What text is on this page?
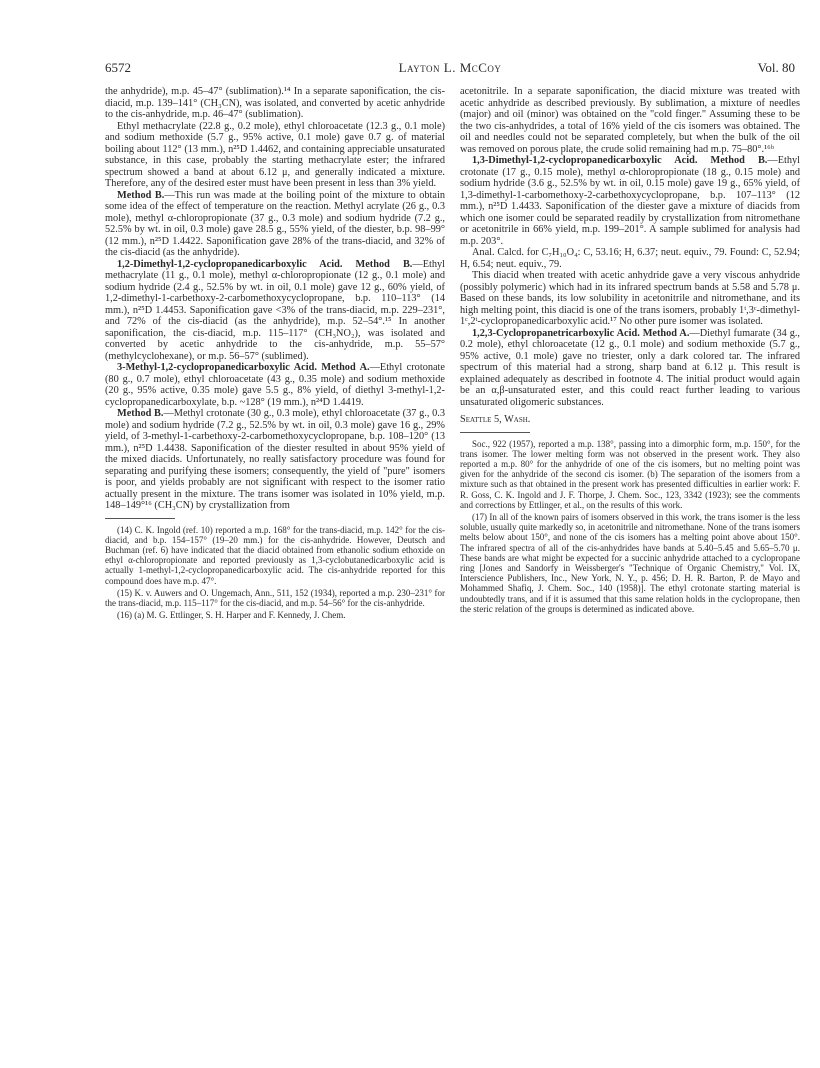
6572	Layton L. McCoy	Vol. 80

the anhydride), m.p. 45–47° (sublimation).¹⁴ In a separate saponification, the cis-diacid, m.p. 139–141° (CH₃CN), was isolated, and converted by acetic anhydride to the cis-anhydride, m.p. 46–47° (sublimation).

Ethyl methacrylate (22.8 g., 0.2 mole), ethyl chloroacetate (12.3 g., 0.1 mole) and sodium methoxide (5.7 g., 95% active, 0.1 mole) gave 0.7 g. of material boiling about 112° (13 mm.), n²⁵D 1.4462, and containing appreciable unsaturated substance, in this case, probably the starting methacrylate ester; the infrared spectrum showed a band at about 6.12 μ, and generally indicated a mixture. Therefore, any of the desired ester must have been present in less than 3% yield.

Method B.—This run was made at the boiling point of the mixture to obtain some idea of the effect of temperature on the reaction. Methyl acrylate (26 g., 0.3 mole), methyl α-chloropropionate (37 g., 0.3 mole) and sodium hydride (7.2 g., 52.5% by wt. in oil, 0.3 mole) gave 28.5 g., 55% yield, of the diester, b.p. 98–99° (12 mm.), n²⁵D 1.4422. Saponification gave 28% of the trans-diacid, and 32% of the cis-diacid (as the anhydride).

1,2-Dimethyl-1,2-cyclopropanedicarboxylic Acid. Method B.—Ethyl methacrylate (11 g., 0.1 mole), methyl α-chloropropionate (12 g., 0.1 mole) and sodium hydride (2.4 g., 52.5% by wt. in oil, 0.1 mole) gave 12 g., 60% yield, of 1,2-dimethyl-1-carbethoxy-2-carbomethoxycyclopropane, b.p. 110–113° (14 mm.), n²⁵D 1.4453. Saponification gave <3% of the trans-diacid, m.p. 229–231°, and 72% of the cis-diacid (as the anhydride), m.p. 52–54°.¹⁵ In another saponification, the cis-diacid, m.p. 115–117° (CH₃NO₂), was isolated and converted by acetic anhydride to the cis-anhydride, m.p. 55–57° (methylcyclohexane), or m.p. 56–57° (sublimed).

3-Methyl-1,2-cyclopropanedicarboxylic Acid. Method A.—Ethyl crotonate (80 g., 0.7 mole), ethyl chloroacetate (43 g., 0.35 mole) and sodium methoxide (20 g., 95% active, 0.35 mole) gave 5.5 g., 8% yield, of diethyl 3-methyl-1,2-cyclopropanedicarboxylate, b.p. ~128° (19 mm.), n²⁴D 1.4419.

Method B.—Methyl crotonate (30 g., 0.3 mole), ethyl chloroacetate (37 g., 0.3 mole) and sodium hydride (7.2 g., 52.5% by wt. in oil, 0.3 mole) gave 16 g., 29% yield, of 3-methyl-1-carbethoxy-2-carbomethoxycyclopropane, b.p. 108–120° (13 mm.), n²⁵D 1.4438. Saponification of the diester resulted in about 95% yield of the mixed diacids. Unfortunately, no really satisfactory procedure was found for separating and purifying these isomers; consequently, the yield of "pure" isomers is poor, and yields probably are not significant with respect to the isomer ratio actually present in the mixture. The trans isomer was isolated in 10% yield, m.p. 148–149°¹⁶ (CH₃CN) by crystallization from

(14) C. K. Ingold (ref. 10) reported a m.p. 168° for the trans-diacid, m.p. 142° for the cis-diacid, and b.p. 154–157° (19–20 mm.) for the cis-anhydride. However, Deutsch and Buchman (ref. 6) have indicated that the diacid obtained from ethanolic sodium ethoxide on ethyl α-chloropropionate and reported previously as 1,3-cyclobutanedicarboxylic acid is actually 1-methyl-1,2-cyclopropanedicarboxylic acid. The cis-anhydride reported for this compound does have m.p. 47°.

(15) K. v. Auwers and O. Ungemach, Ann., 511, 152 (1934), reported a m.p. 230–231° for the trans-diacid, m.p. 115–117° for the cis-diacid, and m.p. 54–56° for the cis-anhydride.

(16) (a) M. G. Ettlinger, S. H. Harper and F. Kennedy, J. Chem.

acetonitrile. In a separate saponification, the diacid mixture was treated with acetic anhydride as described previously. By sublimation, a mixture of needles (major) and oil (minor) was obtained on the "cold finger." Assuming these to be the two cis-anhydrides, a total of 16% yield of the cis isomers was obtained. The oil and needles could not be separated completely, but when the bulk of the oil was removed on porous plate, the crude solid remaining had m.p. 75–80°.¹⁶ᵇ

1,3-Dimethyl-1,2-cyclopropanedicarboxylic Acid. Method B.—Ethyl crotonate (17 g., 0.15 mole), methyl α-chloropropionate (18 g., 0.15 mole) and sodium hydride (3.6 g., 52.5% by wt. in oil, 0.15 mole) gave 19 g., 65% yield, of 1,3-dimethyl-1-carbomethoxy-2-carbethoxycyclopropane, b.p. 107–113° (12 mm.), n²⁵D 1.4433. Saponification of the diester gave a mixture of diacids from which one isomer could be separated readily by crystallization from nitromethane or acetonitrile in 66% yield, m.p. 199–201°. A sample sublimed for analysis had m.p. 203°.

Anal. Calcd. for C₇H₁₀O₄: C, 53.16; H, 6.37; neut. equiv., 79. Found: C, 52.94; H, 6.54; neut. equiv., 79.

This diacid when treated with acetic anhydride gave a very viscous anhydride (possibly polymeric) which had in its infrared spectrum bands at 5.58 and 5.78 μ. Based on these bands, its low solubility in acetonitrile and nitromethane, and its high melting point, this diacid is one of the trans isomers, probably 1ᵗ,3ᶜ-dimethyl-1ᶜ,2ᵗ-cyclopropanedicarboxylic acid.¹⁷ No other pure isomer was isolated.

1,2,3-Cyclopropanetricarboxylic Acid. Method A.—Diethyl fumarate (34 g., 0.2 mole), ethyl chloroacetate (12 g., 0.1 mole) and sodium methoxide (5.7 g., 95% active, 0.1 mole) gave no triester, only a dark colored tar. The infrared spectrum of this material had a strong, sharp band at 6.12 μ. This result is explained adequately as described in footnote 4. The initial product would again be an α,β-unsaturated ester, and this could react further leading to various unsaturated oligomeric substances.

Seattle 5, Wash.

Soc., 922 (1957), reported a m.p. 138°, passing into a dimorphic form, m.p. 150°, for the trans isomer. The lower melting form was not observed in the present work. They also reported a m.p. 80° for the anhydride of one of the cis isomers, but no melting point was given for the anhydride of the second cis isomer. (b) The separation of the isomers from a mixture such as that obtained in the present work has presented difficulties in earlier work: F. R. Goss, C. K. Ingold and J. F. Thorpe, J. Chem. Soc., 123, 3342 (1923); see the comments and corrections by Ettlinger, et al., on the results of this work.

(17) In all of the known pairs of isomers observed in this work, the trans isomer is the less soluble, usually quite markedly so, in acetonitrile and nitromethane. None of the trans isomers melts below about 150°, and none of the cis isomers has a melting point above about 150°. The infrared spectra of all of the cis-anhydrides have bands at 5.40–5.45 and 5.65–5.70 μ. These bands are what might be expected for a succinic anhydride attached to a cyclopropane ring [Jones and Sandorfy in Weissberger's "Technique of Organic Chemistry," Vol. IX, Interscience Publishers, Inc., New York, N. Y., p. 456; D. H. R. Barton, P. de Mayo and Mohammed Shafiq, J. Chem. Soc., 140 (1958)]. The ethyl crotonate starting material is undoubtedly trans, and if it is assumed that this same relation holds in the cyclopropane, then the steric relation of the groups is determined as indicated above.
